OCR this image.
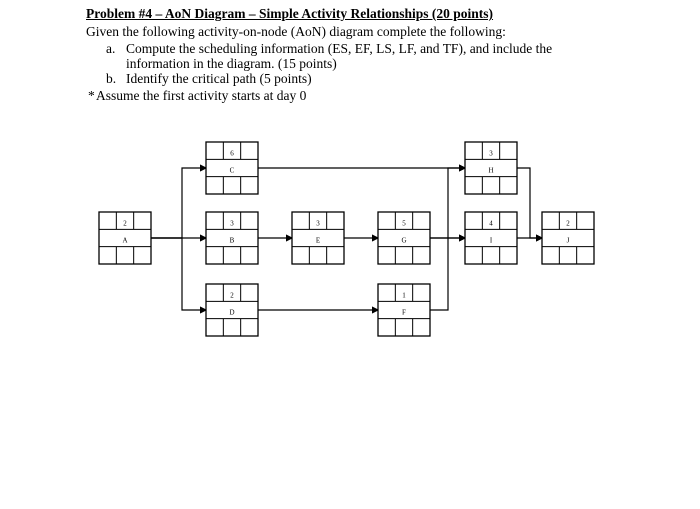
Problem #4 – AoN Diagram – Simple Activity Relationships (20 points)
Given the following activity-on-node (AoN) diagram complete the following:
a. Compute the scheduling information (ES, EF, LS, LF, and TF), and include the
information in the diagram. (15 points)
b. Identify the critical path (5 points)
*Assume the first activity starts at day 0
2
A
3
B
6
C
2
D
3
E
1
F
5
G
3
H
4
I
2
J
